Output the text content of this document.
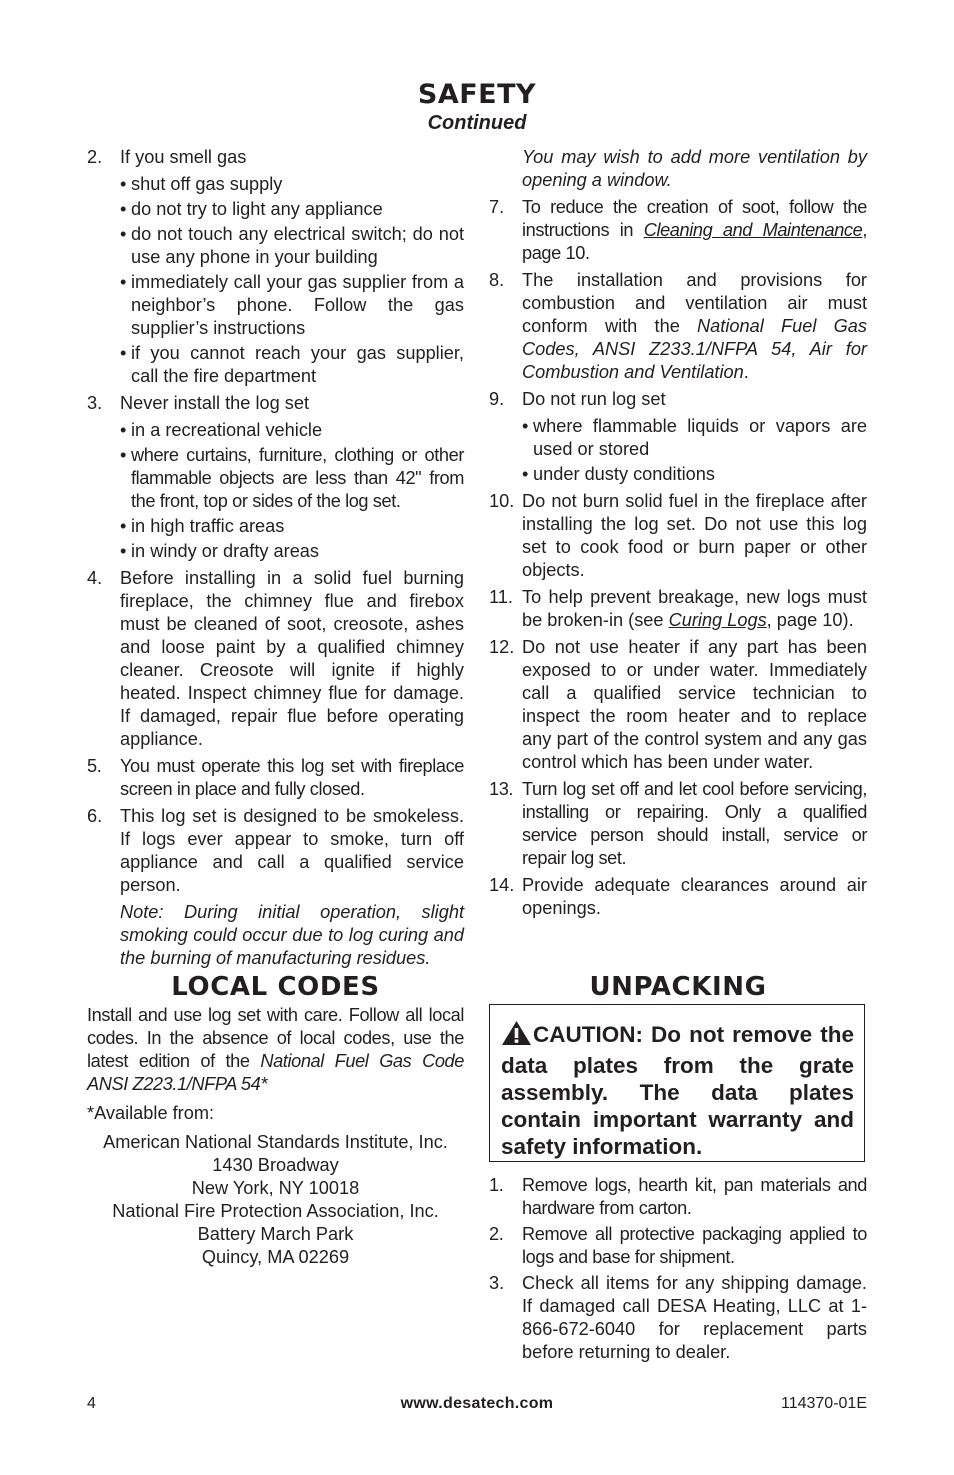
SAFETY
Continued
2. If you smell gas
• shut off gas supply
• do not try to light any appliance
• do not touch any electrical switch; do not use any phone in your building
• immediately call your gas supplier from a neighbor’s phone. Follow the gas supplier’s instructions
• if you cannot reach your gas supplier, call the fire department
3. Never install the log set
• in a recreational vehicle
• where curtains, furniture, clothing or other flammable objects are less than 42" from the front, top or sides of the log set.
• in high traffic areas
• in windy or drafty areas
4. Before installing in a solid fuel burning fireplace, the chimney flue and firebox must be cleaned of soot, creosote, ashes and loose paint by a qualified chimney cleaner. Creosote will ignite if highly heated. Inspect chimney flue for damage. If damaged, repair flue before operating appliance.
5. You must operate this log set with fireplace screen in place and fully closed.
6. This log set is designed to be smokeless. If logs ever appear to smoke, turn off appliance and call a qualified service person.
Note: During initial operation, slight smoking could occur due to log curing and the burning of manufacturing residues.
You may wish to add more ventilation by opening a window.
7. To reduce the creation of soot, follow the instructions in Cleaning and Maintenance, page 10.
8. The installation and provisions for combustion and ventilation air must conform with the National Fuel Gas Codes, ANSI Z233.1/NFPA 54, Air for Combustion and Ventilation.
9. Do not run log set
• where flammable liquids or vapors are used or stored
• under dusty conditions
10. Do not burn solid fuel in the fireplace after installing the log set. Do not use this log set to cook food or burn paper or other objects.
11. To help prevent breakage, new logs must be broken-in (see Curing Logs, page 10).
12. Do not use heater if any part has been exposed to or under water. Immediately call a qualified service technician to inspect the room heater and to replace any part of the control system and any gas control which has been under water.
13. Turn log set off and let cool before servicing, installing or repairing. Only a qualified service person should install, service or repair log set.
14. Provide adequate clearances around air openings.
LOCAL CODES

Install and use log set with care. Follow all local codes. In the absence of local codes, use the latest edition of the National Fuel Gas Code ANSI Z223.1/NFPA 54*

*Available from:

American National Standards Institute, Inc.
1430 Broadway
New York, NY 10018
National Fire Protection Association, Inc.
Battery March Park
Quincy, MA 02269
UNPACKING
CAUTION: Do not remove the data plates from the grate assembly. The data plates contain important warranty and safety information.
1. Remove logs, hearth kit, pan materials and hardware from carton.
2. Remove all protective packaging applied to logs and base for shipment.
3. Check all items for any shipping damage. If damaged call DESA Heating, LLC at 1-866-672-6040 for replacement parts before returning to dealer.
4	www.desatech.com	114370-01E
